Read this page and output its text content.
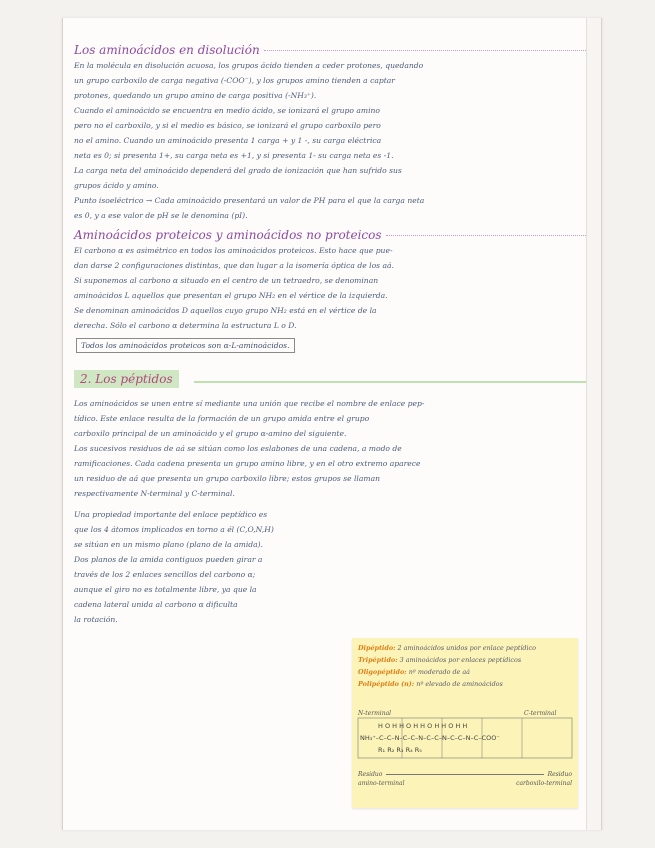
Los aminoácidos en disolución

En la molécula en disolución acuosa, los grupos ácido tienden a ceder protones, quedando

un grupo carboxilo de carga negativa (-COO⁻), y los grupos amino tienden a captar

protones, quedando un grupo amino de carga positiva (-NH₃⁺).

Cuando el aminoácido se encuentra en medio ácido, se ionizará el grupo amino

pero no el carboxilo, y si el medio es básico, se ionizará el grupo carboxilo pero

no el amino. Cuando un aminoácido presenta 1 carga + y 1 -, su carga eléctrica

neta es 0; si presenta 1+, su carga neta es +1, y si presenta 1- su carga neta es -1.

La carga neta del aminoácido dependerá del grado de ionización que han sufrido sus

grupos ácido y amino.

Punto isoeléctrico → Cada aminoácido presentará un valor de PH para el que la carga neta

es 0, y a ese valor de pH se le denomina (pI).

Aminoácidos proteicos y aminoácidos no proteicos

El carbono α es asimétrico en todos los aminoácidos proteicos. Esto hace que pue-

dan darse 2 configuraciones distintas, que dan lugar a la isomería óptica de los aá.

Si suponemos al carbono α situado en el centro de un tetraedro, se denominan

aminoácidos L aquellos que presentan el grupo NH₂ en el vértice de la izquierda.

Se denominan aminoácidos D aquellos cuyo grupo NH₂ está en el vértice de la

derecha. Sólo el carbono α determina la estructura L o D.

Todos los aminoácidos proteicos son α-L-aminoácidos.
2. Los péptidos

Los aminoácidos se unen entre sí mediante una unión que recibe el nombre de enlace pep-

tídico. Este enlace resulta de la formación de un grupo amida entre el grupo

carboxilo principal de un aminoácido y el grupo α-amino del siguiente.

Los sucesivos residuos de aá se sitúan como los eslabones de una cadena, a modo de

ramificaciones. Cada cadena presenta un grupo amino libre, y en el otro extremo aparece

un residuo de aá que presenta un grupo carboxilo libre; estos grupos se llaman

respectivamente N-terminal y C-terminal.

Una propiedad importante del enlace peptídico es

que los 4 átomos implicados en torno a él (C,O,N,H)

se sitúan en un mismo plano (plano de la amida).

Dos planos de la amida contiguos pueden girar a

través de los 2 enlaces sencillos del carbono α;

aunque el giro no es totalmente libre, ya que la

cadena lateral unida al carbono α dificulta

la rotación.

Dipéptido: 2 aminoácidos unidos por enlace peptídico

Tripéptido: 3 aminoácidos por enlaces peptídicos

Oligopéptido: nº moderado de aá

Polipéptido (n): nº elevado de aminoácidos

N-terminal	C-terminal
NH₃⁺–C–C–N–C–C–N–C–C–N–C–C–N–C–COO⁻
H O H H O H H O H H O H H
R₁ R₂ R₃ R₄ R₅
Residuo	Residuo
amino-terminal	carboxilo-terminal
